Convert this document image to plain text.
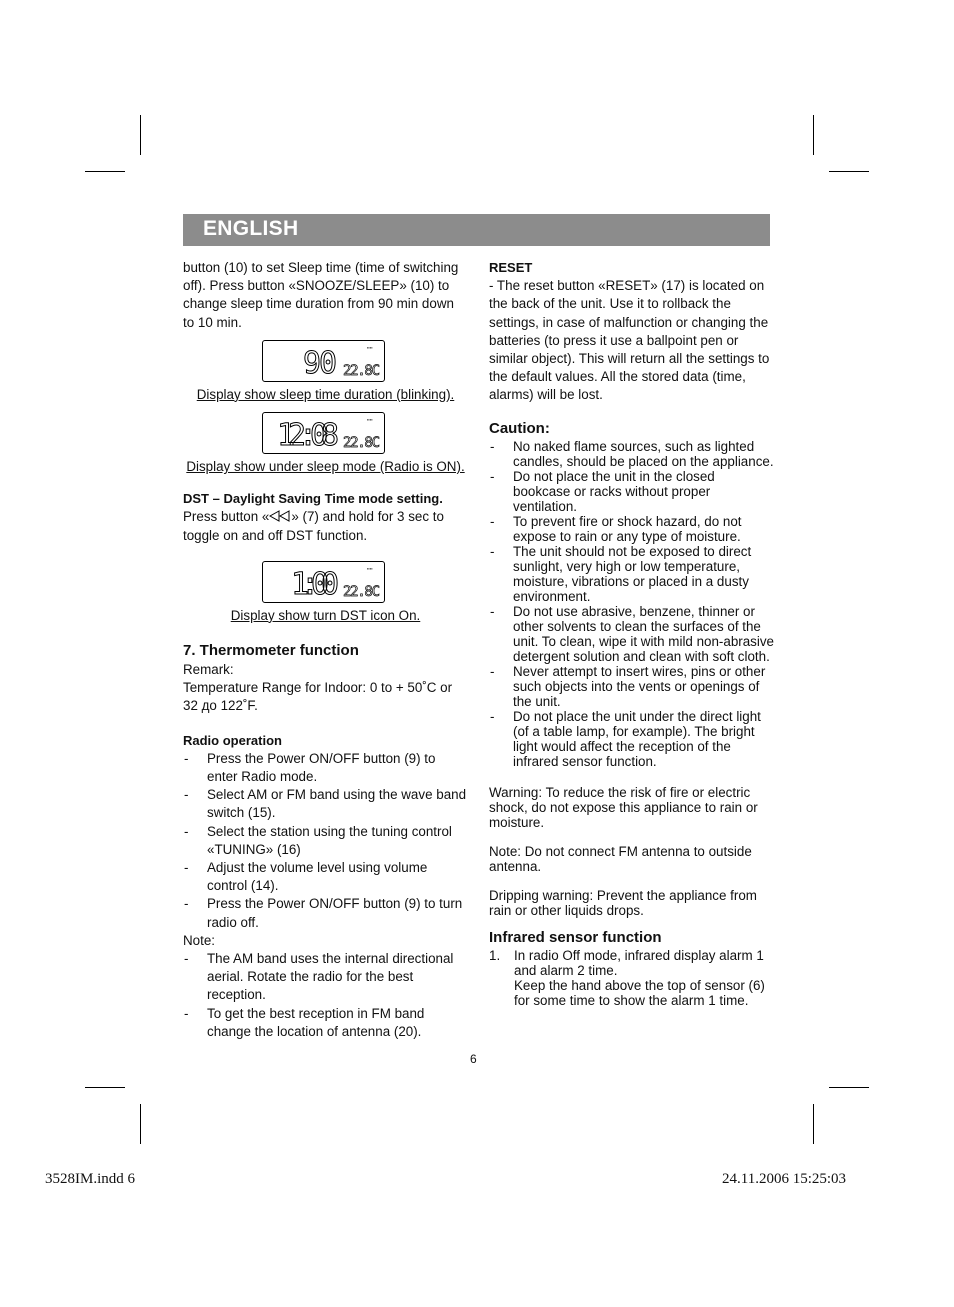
ENGLISH

button (10) to set Sleep time (time of switching off). Press button «SNOOZE/SLEEP» (10) to change sleep time duration from 90 min down to 10 min.

▪▪▪▪
90 22.8C

Display show sleep time duration (blinking).

▪▪▪▪
12:08 22.8C

Display show under sleep mode (Radio is ON).

DST – Daylight Saving Time mode setting.

Press button « » (7) and hold for 3 sec to toggle on and off DST function.

▪▪▪▪
1:00 22.8C

Display show turn DST icon On.

7. Thermometer function

Remark:

Temperature Range for Indoor: 0 to + 50˚C or 32 до 122˚F.

Radio operation

- Press the Power ON/OFF button (9) to enter Radio mode.
- Select AM or FM band using the wave band switch (15).
- Select the station using the tuning control «TUNING» (16)
- Adjust the volume level using volume control (14).
- Press the Power ON/OFF button (9) to turn radio off.

Note:

- The AM band uses the internal directional aerial. Rotate the radio for the best reception.
- To get the best reception in FM band change the location of antenna (20).

RESET

- The reset button «RESET» (17) is located on the back of the unit. Use it to rollback the settings, in case of malfunction or changing the batteries (to press it use a ballpoint pen or similar object). This will return all the settings to the default values. All the stored data (time, alarms) will be lost.

Caution:

- No naked flame sources, such as lighted candles, should be placed on the appliance.
- Do not place the unit in the closed bookcase or racks without proper ventilation.
- To prevent fire or shock hazard, do not expose to rain or any type of moisture.
- The unit should not be exposed to direct sunlight, very high or low temperature, moisture, vibrations or placed in a dusty environment.
- Do not use abrasive, benzene, thinner or other solvents to clean the surfaces of the unit. To clean, wipe it with mild non-abrasive detergent solution and clean with soft cloth.
- Never attempt to insert wires, pins or other such objects into the vents or openings of the unit.
- Do not place the unit under the direct light (of a table lamp, for example). The bright light would affect the reception of the infrared sensor function.

Warning: To reduce the risk of fire or electric shock, do not expose this appliance to rain or moisture.

Note: Do not connect FM antenna to outside antenna.

Dripping warning: Prevent the appliance from rain or other liquids drops.

Infrared sensor function

1. In radio Off mode, infrared display alarm 1 and alarm 2 time.
Keep the hand above the top of sensor (6) for some time to show the alarm 1 time.
6
3528IM.indd 6	24.11.2006 15:25:03
